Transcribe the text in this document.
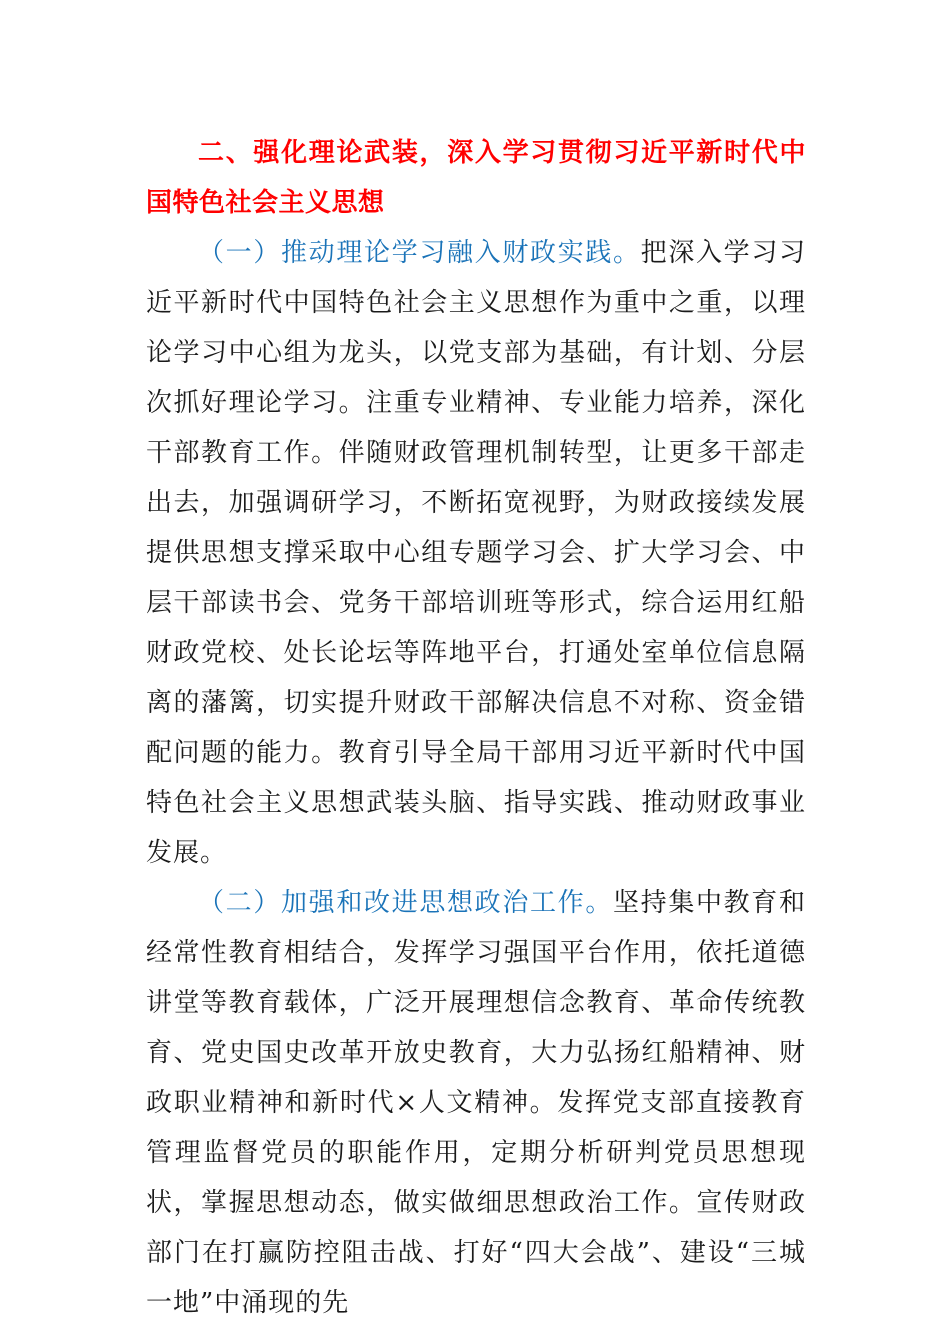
二、强化理论武装，深入学习贯彻习近平新时代中国特色社会主义思想

（一）推动理论学习融入财政实践。把深入学习习近平新时代中国特色社会主义思想作为重中之重，以理论学习中心组为龙头，以党支部为基础，有计划、分层次抓好理论学习。注重专业精神、专业能力培养，深化干部教育工作。伴随财政管理机制转型，让更多干部走出去，加强调研学习，不断拓宽视野，为财政接续发展提供思想支撑采取中心组专题学习会、扩大学习会、中层干部读书会、党务干部培训班等形式，综合运用红船财政党校、处长论坛等阵地平台，打通处室单位信息隔离的藩篱，切实提升财政干部解决信息不对称、资金错配问题的能力。教育引导全局干部用习近平新时代中国特色社会主义思想武装头脑、指导实践、推动财政事业发展。

（二）加强和改进思想政治工作。坚持集中教育和经常性教育相结合，发挥学习强国平台作用，依托道德讲堂等教育载体，广泛开展理想信念教育、革命传统教育、党史国史改革开放史教育，大力弘扬红船精神、财政职业精神和新时代×人文精神。发挥党支部直接教育管理监督党员的职能作用，定期分析研判党员思想现状，掌握思想动态，做实做细思想政治工作。宣传财政部门在打赢防控阻击战、打好“四大会战”、建设“三城一地”中涌现的先
